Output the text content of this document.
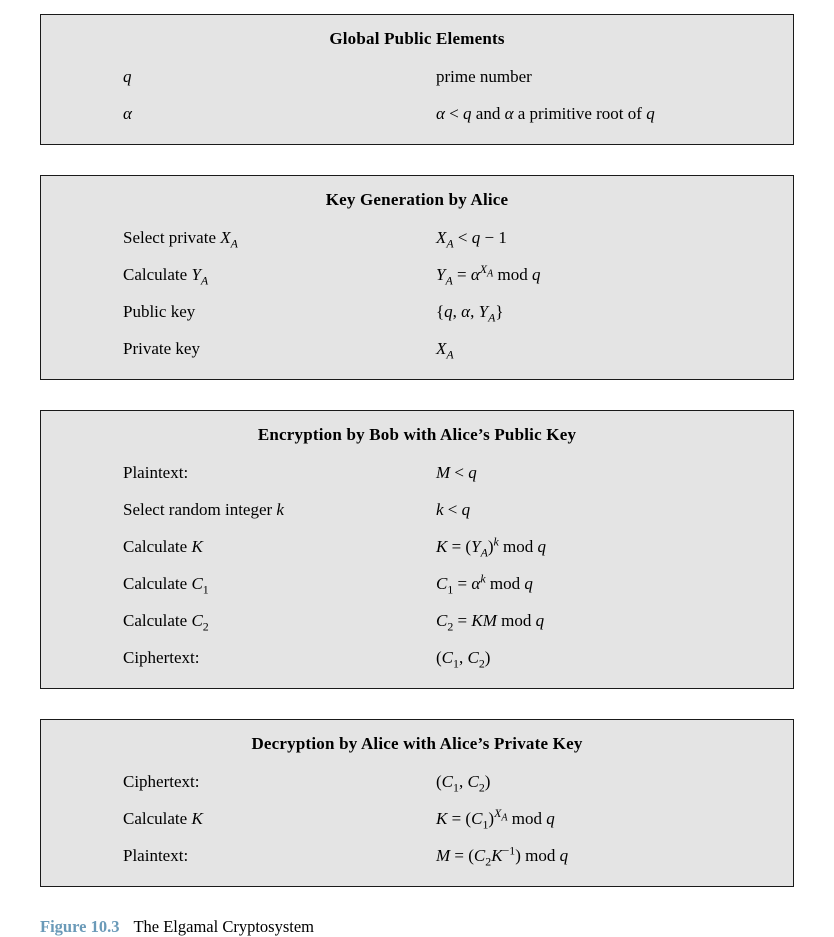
Global Public Elements
q	prime number
α	α < q and α a primitive root of q
Key Generation by Alice
Select private $X_A$	$X_A < q - 1$
Calculate $Y_A$	$Y_A = \alpha^{X_A}$ mod q
Public key	{q, α, $Y_A$}
Private key	$X_A$
Encryption by Bob with Alice’s Public Key
Plaintext:	M < q
Select random integer k	k < q
Calculate K	$K = (Y_A)^k$ mod q
Calculate $C_1$	$C_1 = \alpha^k$ mod q
Calculate $C_2$	$C_2$ = KM mod q
Ciphertext:	($C_1$, $C_2$)
Decryption by Alice with Alice’s Private Key
Ciphertext:	($C_1$, $C_2$)
Calculate K	$K = (C_1)^{X_A}$ mod q
Plaintext:	$M = (C_2K^{-1})$ mod q

Figure 10.3 The Elgamal Cryptosystem
